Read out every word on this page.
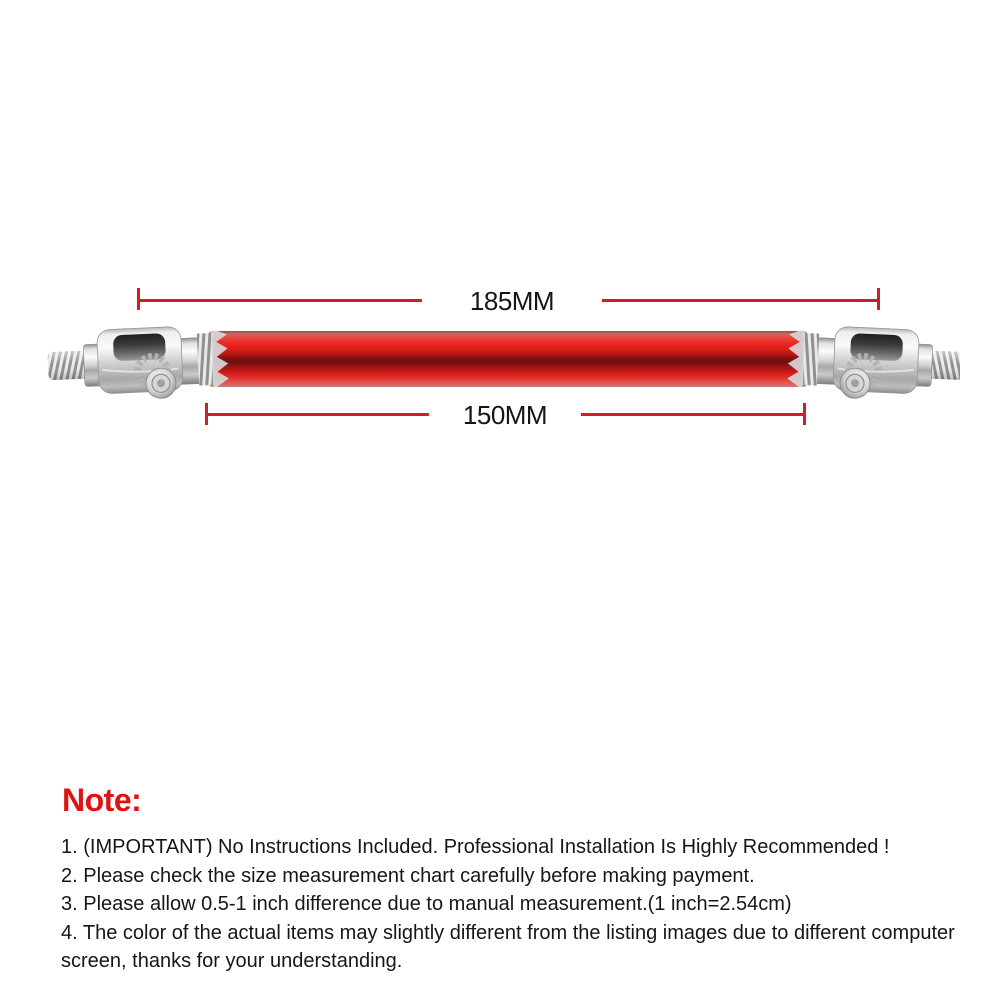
185MM
150MM
Note:

1. (IMPORTANT) No Instructions Included. Professional Installation Is Highly Recommended !

2. Please check the size measurement chart carefully before making payment.

3. Please allow 0.5-1 inch difference due to manual measurement.(1 inch=2.54cm)

4. The color of the actual items may slightly different from the listing images due to different computer screen, thanks for your understanding.
